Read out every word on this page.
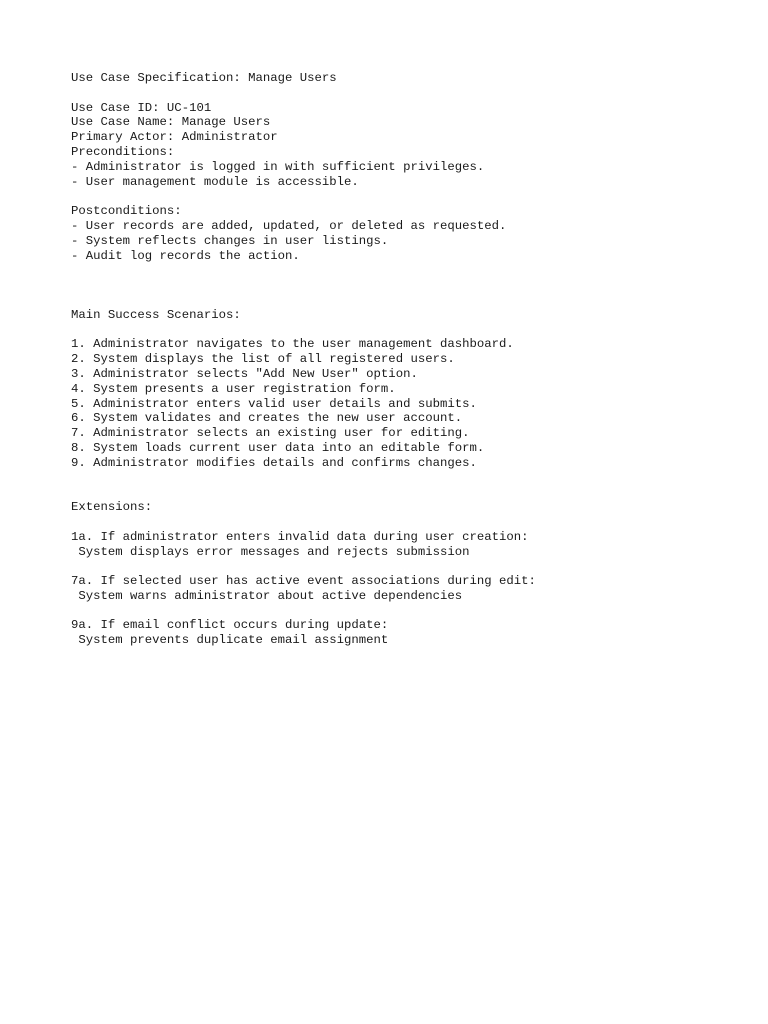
Use Case Specification: Manage Users
Use Case ID: UC-101
Use Case Name: Manage Users
Primary Actor: Administrator
Preconditions:
- Administrator is logged in with sufficient privileges.
- User management module is accessible.
Postconditions:
- User records are added, updated, or deleted as requested.
- System reflects changes in user listings.
- Audit log records the action.
Main Success Scenarios:
1. Administrator navigates to the user management dashboard.
2. System displays the list of all registered users.
3. Administrator selects "Add New User" option.
4. System presents a user registration form.
5. Administrator enters valid user details and submits.
6. System validates and creates the new user account.
7. Administrator selects an existing user for editing.
8. System loads current user data into an editable form.
9. Administrator modifies details and confirms changes.
Extensions:
1a. If administrator enters invalid data during user creation:
System displays error messages and rejects submission
7a. If selected user has active event associations during edit:
System warns administrator about active dependencies
9a. If email conflict occurs during update:
System prevents duplicate email assignment
